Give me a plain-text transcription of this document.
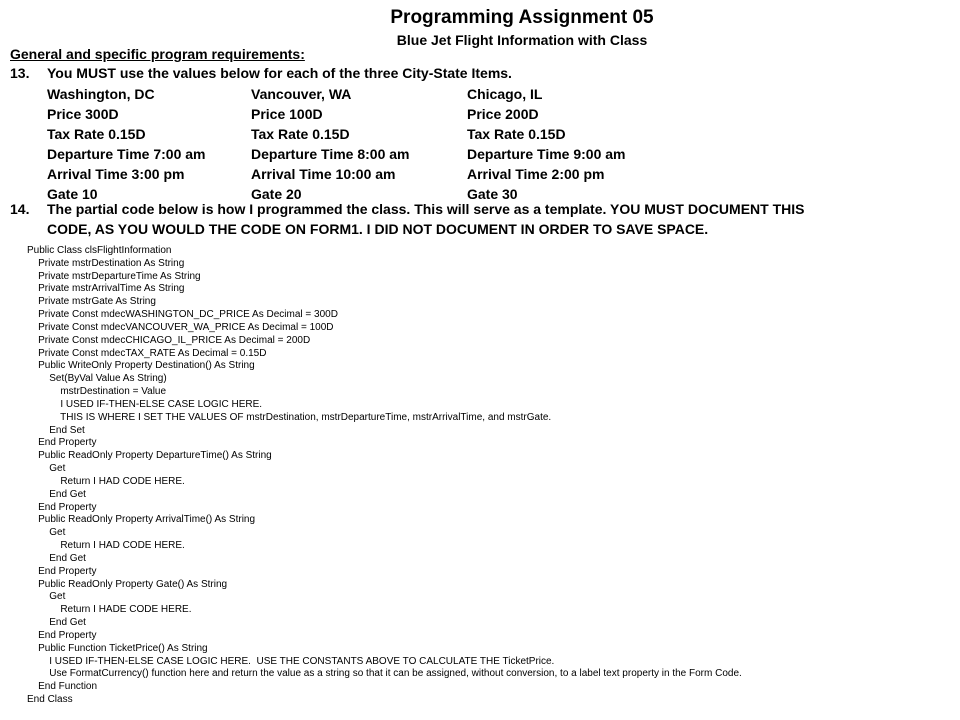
Programming Assignment 05
Blue Jet Flight Information with Class
General and specific program requirements:
13. You MUST use the values below for each of the three City-State Items.
Washington, DC
Price 300D
Tax Rate 0.15D
Departure Time 7:00 am
Arrival Time 3:00 pm
Gate 10
Vancouver, WA
Price 100D
Tax Rate 0.15D
Departure Time 8:00 am
Arrival Time 10:00 am
Gate 20
Chicago, IL
Price 200D
Tax Rate 0.15D
Departure Time 9:00 am
Arrival Time 2:00 pm
Gate 30
14. The partial code below is how I programmed the class. This will serve as a template. YOU MUST DOCUMENT THIS
CODE, AS YOU WOULD THE CODE ON FORM1. I DID NOT DOCUMENT IN ORDER TO SAVE SPACE.
Public Class clsFlightInformation
Private mstrDestination As String
Private mstrDepartureTime As String
Private mstrArrivalTime As String
Private mstrGate As String
Private Const mdecWASHINGTON_DC_PRICE As Decimal = 300D
Private Const mdecVANCOUVER_WA_PRICE As Decimal = 100D
Private Const mdecCHICAGO_IL_PRICE As Decimal = 200D
Private Const mdecTAX_RATE As Decimal = 0.15D
Public WriteOnly Property Destination() As String
Set(ByVal Value As String)
mstrDestination = Value
I USED IF-THEN-ELSE CASE LOGIC HERE.
THIS IS WHERE I SET THE VALUES OF mstrDestination, mstrDepartureTime, mstrArrivalTime, and mstrGate.
End Set
End Property
Public ReadOnly Property DepartureTime() As String
Get
Return I HAD CODE HERE.
End Get
End Property
Public ReadOnly Property ArrivalTime() As String
Get
Return I HAD CODE HERE.
End Get
End Property
Public ReadOnly Property Gate() As String
Get
Return I HADE CODE HERE.
End Get
End Property
Public Function TicketPrice() As String
I USED IF-THEN-ELSE CASE LOGIC HERE.  USE THE CONSTANTS ABOVE TO CALCULATE THE TicketPrice.
Use FormatCurrency() function here and return the value as a string so that it can be assigned, without conversion, to a label text property in the Form Code.
End Function
End Class
